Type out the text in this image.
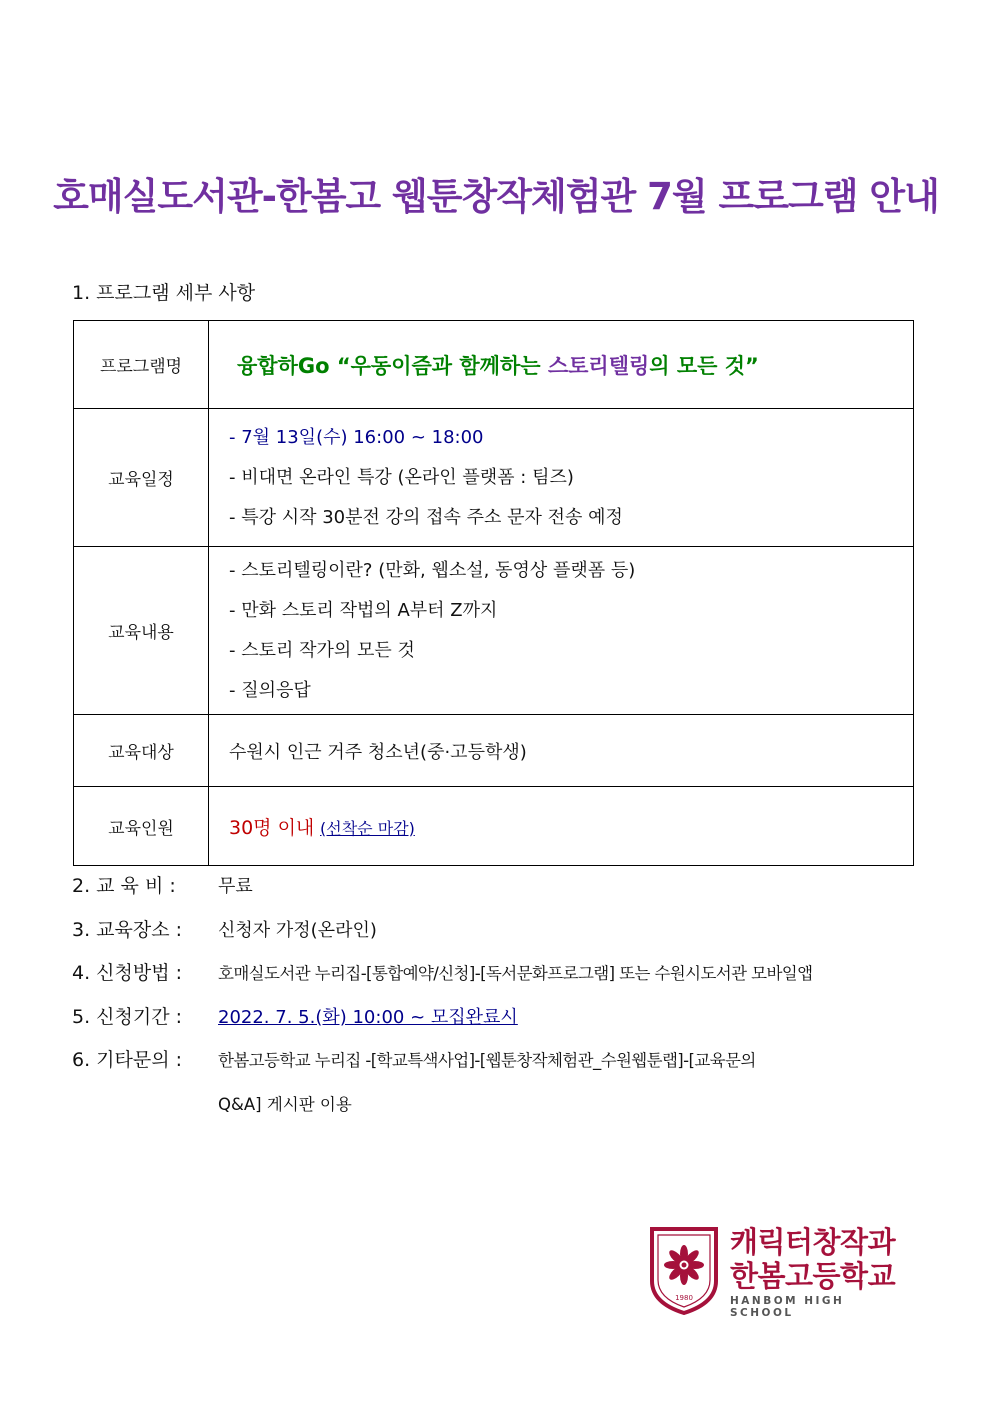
호매실도서관-한봄고 웹툰창작체험관 7월 프로그램 안내
1. 프로그램 세부 사항
프로그램명	융합하Go “우동이즘과 함께하는 스토리텔링의 모든 것”
교육일정	- 7월 13일(수) 16:00 ~ 18:00
- 비대면 온라인 특강 (온라인 플랫폼 : 팀즈)
- 특강 시작 30분전 강의 접속 주소 문자 전송 예정

교육내용	- 스토리텔링이란? (만화, 웹소설, 동영상 플랫폼 등)
- 만화 스토리 작법의 A부터 Z까지
- 스토리 작가의 모든 것
- 질의응답

교육대상	수원시 인근 거주 청소년(중·고등학생)
교육인원	30명 이내 (선착순 마감)
2. 교 육 비 : 무료
3. 교육장소 : 신청자 가정(온라인)
4. 신청방법 : 호매실도서관 누리집-[통합예약/신청]-[독서문화프로그램] 또는 수원시도서관 모바일앱
5. 신청기간 : 2022. 7. 5.(화) 10:00 ~ 모집완료시
6. 기타문의 : 한봄고등학교 누리집 -[학교특색사업]-[웹툰창작체험관_수원웹툰랩]-[교육문의
Q&A] 게시판 이용
1980
캐릭터창작과
한봄고등학교
HANBOM HIGH SCHOOL
